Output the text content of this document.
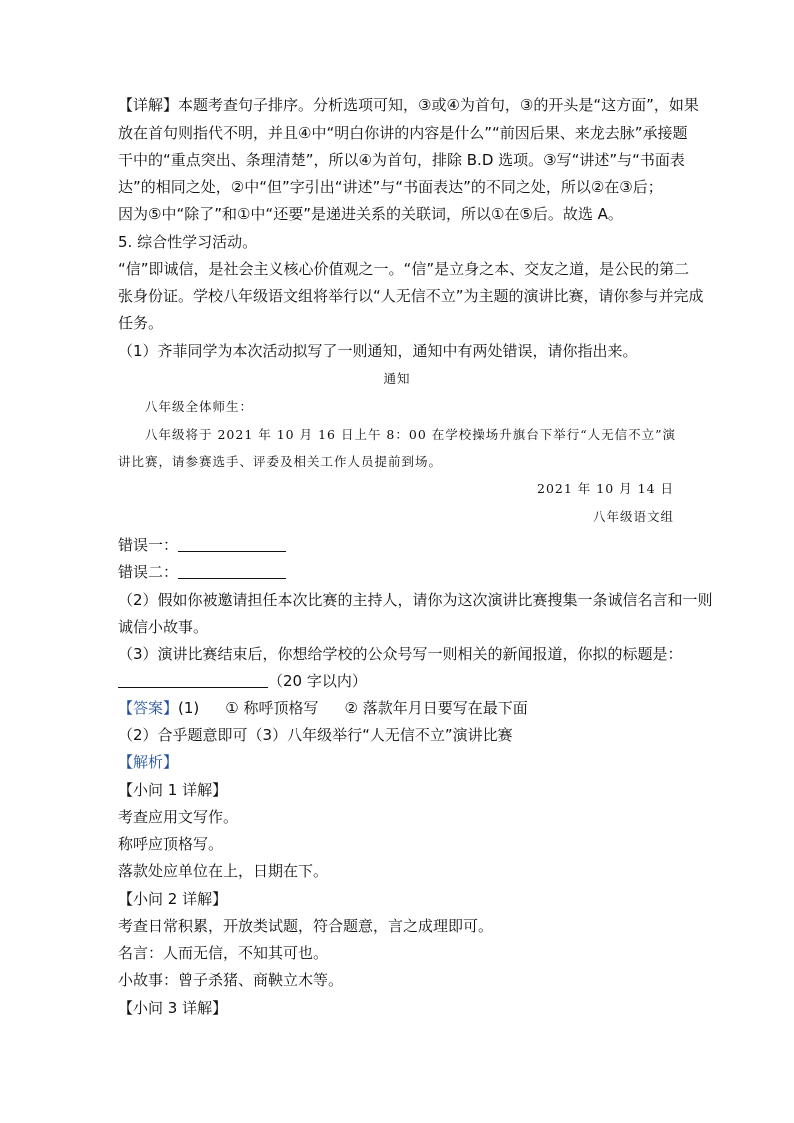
【详解】本题考查句子排序。分析选项可知，③或④为首句，③的开头是“这方面”，如果
放在首句则指代不明，并且④中“明白你讲的内容是什么”“前因后果、来龙去脉”承接题
干中的“重点突出、条理清楚”，所以④为首句，排除 B.D 选项。③写“讲述”与“书面表
达”的相同之处，②中“但”字引出“讲述”与“书面表达”的不同之处，所以②在③后；
因为⑤中“除了”和①中“还要”是递进关系的关联词，所以①在⑤后。故选 A。
5. 综合性学习活动。
“信”即诚信，是社会主义核心价值观之一。“信”是立身之本、交友之道，是公民的第二
张身份证。学校八年级语文组将举行以“人无信不立”为主题的演讲比赛，请你参与并完成
任务。
（1）齐菲同学为本次活动拟写了一则通知，通知中有两处错误，请你指出来。
通知
八年级全体师生：
八年级将于 2021 年 10 月 16 日上午 8：00 在学校操场升旗台下举行“人无信不立”演
讲比赛，请参赛选手、评委及相关工作人员提前到场。
2021 年 10 月 14 日
八年级语文组
错误一：
错误二：
（2）假如你被邀请担任本次比赛的主持人，请你为这次演讲比赛搜集一条诚信名言和一则
诚信小故事。
（3）演讲比赛结束后，你想给学校的公众号写一则相关的新闻报道，你拟的标题是：
（20 字以内）
【答案】(1) ① 称呼顶格写 ② 落款年月日要写在最下面
（2）合乎题意即可（3）八年级举行“人无信不立”演讲比赛
【解析】
【小问 1 详解】
考查应用文写作。
称呼应顶格写。
落款处应单位在上，日期在下。
【小问 2 详解】
考查日常积累，开放类试题，符合题意，言之成理即可。
名言：人而无信，不知其可也。
小故事：曾子杀猪、商鞅立木等。
【小问 3 详解】
